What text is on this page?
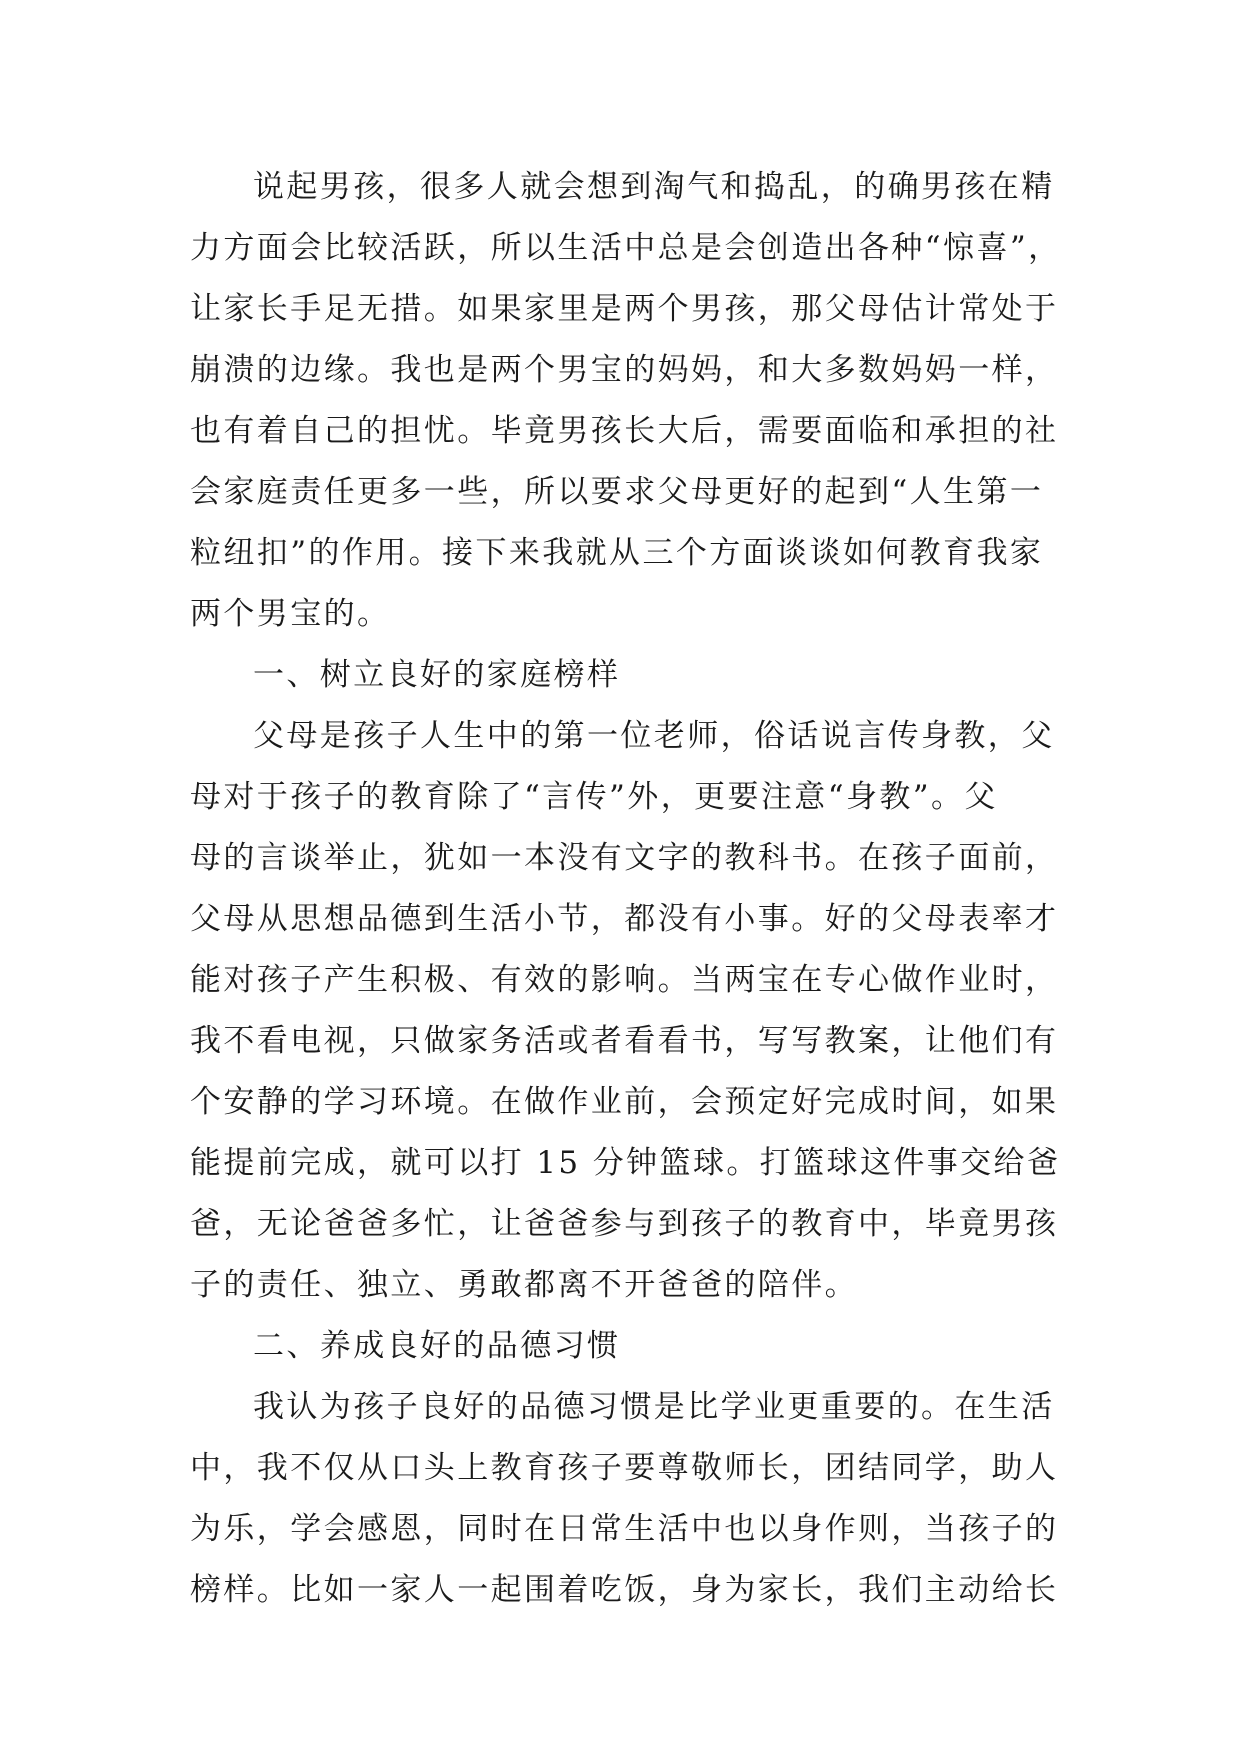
说起男孩，很多人就会想到淘气和捣乱，的确男孩在精
力方面会比较活跃，所以生活中总是会创造出各种“惊喜”，
让家长手足无措。如果家里是两个男孩，那父母估计常处于
崩溃的边缘。我也是两个男宝的妈妈，和大多数妈妈一样，
也有着自己的担忧。毕竟男孩长大后，需要面临和承担的社
会家庭责任更多一些，所以要求父母更好的起到“人生第一
粒纽扣”的作用。接下来我就从三个方面谈谈如何教育我家
两个男宝的。
一、树立良好的家庭榜样
父母是孩子人生中的第一位老师，俗话说言传身教，父
母对于孩子的教育除了“言传”外，更要注意“身教”。父
母的言谈举止，犹如一本没有文字的教科书。在孩子面前，
父母从思想品德到生活小节，都没有小事。好的父母表率才
能对孩子产生积极、有效的影响。当两宝在专心做作业时，
我不看电视，只做家务活或者看看书，写写教案，让他们有
个安静的学习环境。在做作业前，会预定好完成时间，如果
能提前完成，就可以打 15 分钟篮球。打篮球这件事交给爸
爸，无论爸爸多忙，让爸爸参与到孩子的教育中，毕竟男孩
子的责任、独立、勇敢都离不开爸爸的陪伴。
二、养成良好的品德习惯
我认为孩子良好的品德习惯是比学业更重要的。在生活
中，我不仅从口头上教育孩子要尊敬师长，团结同学，助人
为乐，学会感恩，同时在日常生活中也以身作则，当孩子的
榜样。比如一家人一起围着吃饭，身为家长，我们主动给长
